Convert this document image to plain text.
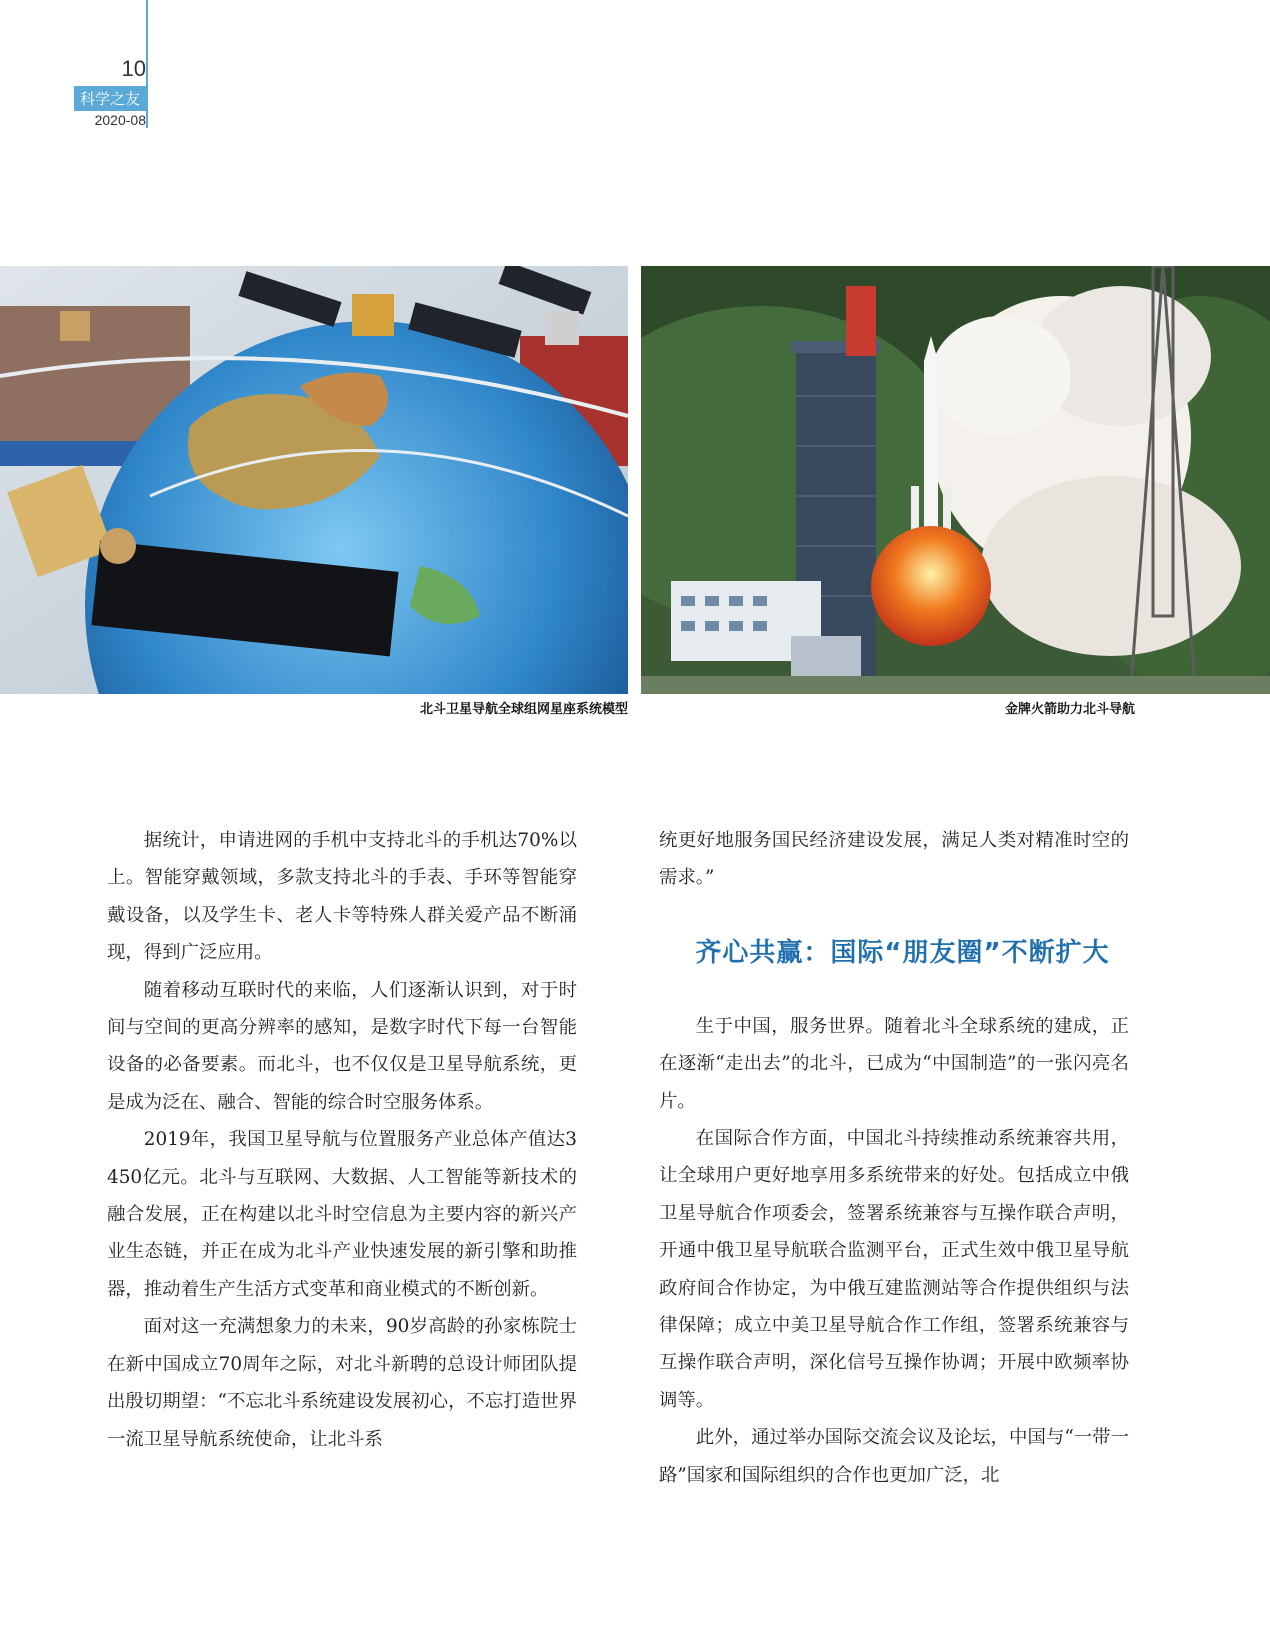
10
科学之友
2020-08
北斗卫星导航全球组网星座系统模型	金牌火箭助力北斗导航

据统计，申请进网的手机中支持北斗的手机达70%以上。智能穿戴领域，多款支持北斗的手表、手环等智能穿戴设备，以及学生卡、老人卡等特殊人群关爱产品不断涌现，得到广泛应用。

随着移动互联时代的来临，人们逐渐认识到，对于时间与空间的更高分辨率的感知，是数字时代下每一台智能设备的必备要素。而北斗，也不仅仅是卫星导航系统，更是成为泛在、融合、智能的综合时空服务体系。

2019年，我国卫星导航与位置服务产业总体产值达3 450亿元。北斗与互联网、大数据、人工智能等新技术的融合发展，正在构建以北斗时空信息为主要内容的新兴产业生态链，并正在成为北斗产业快速发展的新引擎和助推器，推动着生产生活方式变革和商业模式的不断创新。

面对这一充满想象力的未来，90岁高龄的孙家栋院士在新中国成立70周年之际，对北斗新聘的总设计师团队提出殷切期望：“不忘北斗系统建设发展初心，不忘打造世界一流卫星导航系统使命，让北斗系

统更好地服务国民经济建设发展，满足人类对精准时空的需求。”

齐心共赢：国际“朋友圈”不断扩大

生于中国，服务世界。随着北斗全球系统的建成，正在逐渐“走出去”的北斗，已成为“中国制造”的一张闪亮名片。

在国际合作方面，中国北斗持续推动系统兼容共用，让全球用户更好地享用多系统带来的好处。包括成立中俄卫星导航合作项委会，签署系统兼容与互操作联合声明，开通中俄卫星导航联合监测平台，正式生效中俄卫星导航政府间合作协定，为中俄互建监测站等合作提供组织与法律保障；成立中美卫星导航合作工作组，签署系统兼容与互操作联合声明，深化信号互操作协调；开展中欧频率协调等。

此外，通过举办国际交流会议及论坛，中国与“一带一路”国家和国际组织的合作也更加广泛，北
